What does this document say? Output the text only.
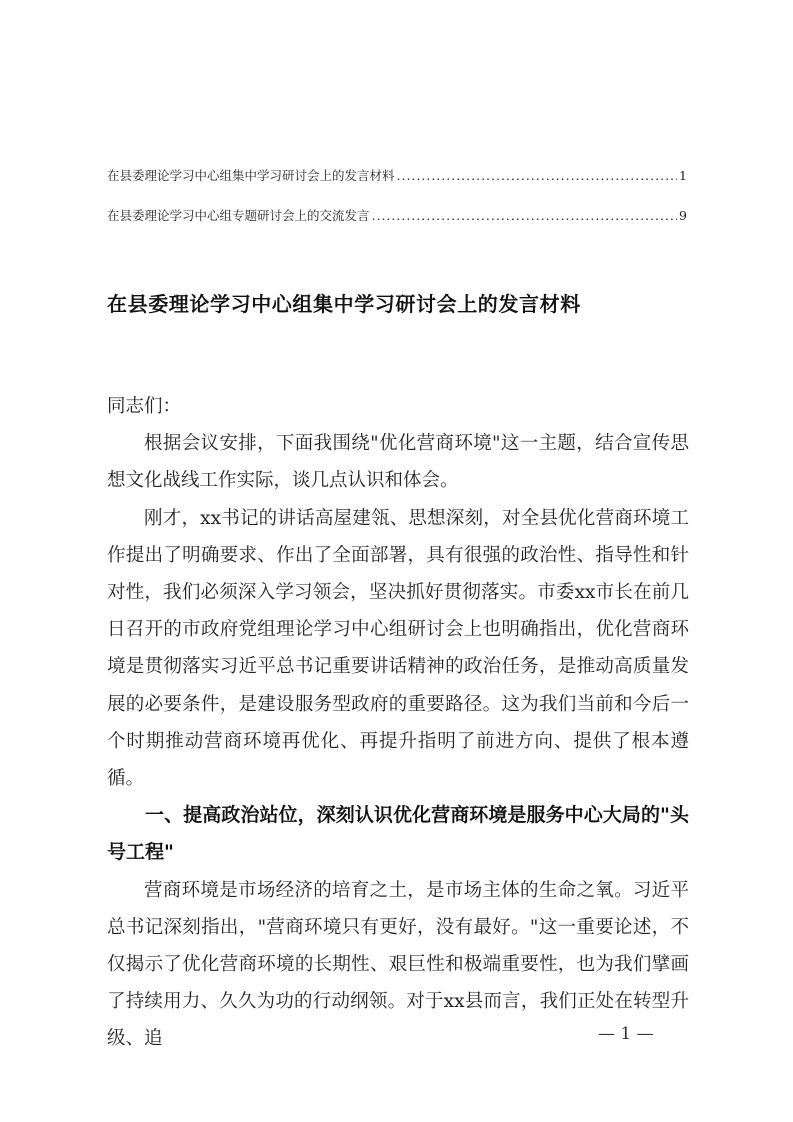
在县委理论学习中心组集中学习研讨会上的发言材料 .....	1
在县委理论学习中心组专题研讨会上的交流发言 .....	9
在县委理论学习中心组集中学习研讨会上的发言材料

同志们：

根据会议安排，下面我围绕"优化营商环境"这一主题，结合宣传思想文化战线工作实际，谈几点认识和体会。

刚才，xx书记的讲话高屋建瓴、思想深刻，对全县优化营商环境工作提出了明确要求、作出了全面部署，具有很强的政治性、指导性和针对性，我们必须深入学习领会，坚决抓好贯彻落实。市委xx市长在前几日召开的市政府党组理论学习中心组研讨会上也明确指出，优化营商环境是贯彻落实习近平总书记重要讲话精神的政治任务，是推动高质量发展的必要条件，是建设服务型政府的重要路径。这为我们当前和今后一个时期推动营商环境再优化、再提升指明了前进方向、提供了根本遵循。

一、提高政治站位，深刻认识优化营商环境是服务中心大局的"头号工程"

营商环境是市场经济的培育之土，是市场主体的生命之氧。习近平总书记深刻指出，"营商环境只有更好，没有最好。"这一重要论述，不仅揭示了优化营商环境的长期性、艰巨性和极端重要性，也为我们擘画了持续用力、久久为功的行动纲领。对于xx县而言，我们正处在转型升级、追	— 1 —
